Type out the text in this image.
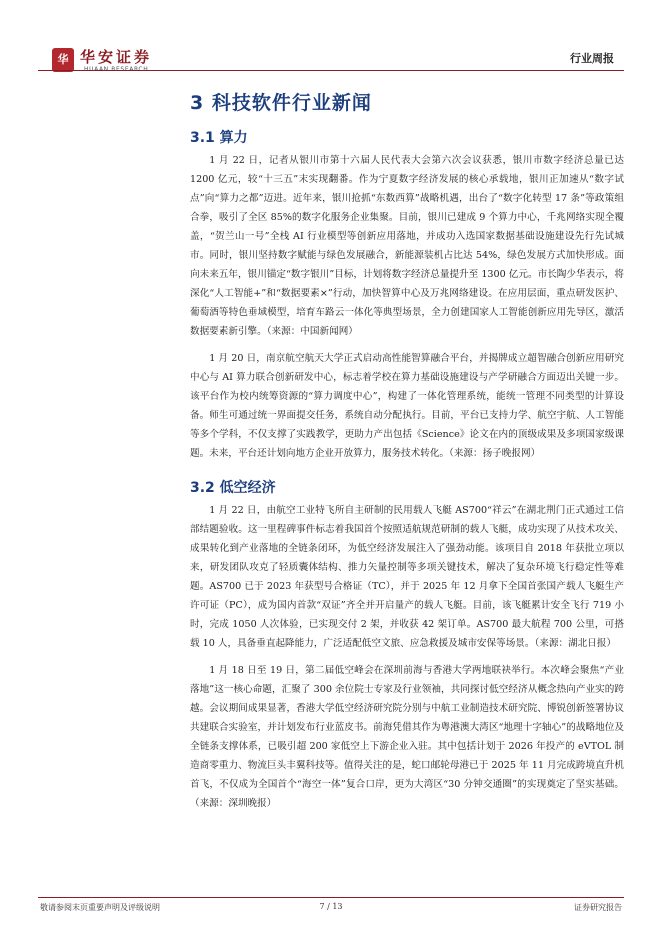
华 华安证券	行业周报
3 科技软件行业新闻
3.1 算力

1 月 22 日，记者从银川市第十六届人民代表大会第六次会议获悉，银川市数字经济总量已达 1200 亿元，较“十三五”末实现翻番。作为宁夏数字经济发展的核心承载地，银川正加速从“数字试点”向“算力之都”迈进。近年来，银川抢抓“东数西算”战略机遇，出台了“数字化转型 17 条”等政策组合拳，吸引了全区 85%的数字化服务企业集聚。目前，银川已建成 9 个算力中心，千兆网络实现全覆盖，“贺兰山一号”全栈 AI 行业模型等创新应用落地，并成功入选国家数据基础设施建设先行先试城市。同时，银川坚持数字赋能与绿色发展融合，新能源装机占比达 54%，绿色发展方式加快形成。面向未来五年，银川锚定“数字银川”目标，计划将数字经济总量提升至 1300 亿元。市长陶少华表示，将深化“人工智能+”和“数据要素×”行动，加快智算中心及万兆网络建设。在应用层面，重点研发医护、葡萄酒等特色垂域模型，培育车路云一体化等典型场景，全力创建国家人工智能创新应用先导区，激活数据要素新引擎。（来源：中国新闻网）

1 月 20 日，南京航空航天大学正式启动高性能智算融合平台，并揭牌成立超智融合创新应用研究中心与 AI 算力联合创新研发中心，标志着学校在算力基础设施建设与产学研融合方面迈出关键一步。该平台作为校内统筹资源的“算力调度中心”，构建了一体化管理系统，能统一管理不同类型的计算设备。师生可通过统一界面提交任务，系统自动分配执行。目前，平台已支持力学、航空宇航、人工智能等多个学科，不仅支撑了实践教学，更助力产出包括《Science》论文在内的顶级成果及多项国家级课题。未来，平台还计划向地方企业开放算力，服务技术转化。（来源：扬子晚报网）

3.2 低空经济

1 月 22 日，由航空工业特飞所自主研制的民用载人飞艇 AS700“祥云”在湖北荆门正式通过工信部结题验收。这一里程碑事件标志着我国首个按照适航规范研制的载人飞艇，成功实现了从技术攻关、成果转化到产业落地的全链条闭环，为低空经济发展注入了强劲动能。该项目自 2018 年获批立项以来，研发团队攻克了轻质囊体结构、推力矢量控制等多项关键技术，解决了复杂环境飞行稳定性等难题。AS700 已于 2023 年获型号合格证（TC），并于 2025 年 12 月拿下全国首张国产载人飞艇生产许可证（PC），成为国内首款“双证”齐全并开启量产的载人飞艇。目前，该飞艇累计安全飞行 719 小时，完成 1050 人次体验，已实现交付 2 架，并收获 42 架订单。AS700 最大航程 700 公里，可搭载 10 人，具备垂直起降能力，广泛适配低空文旅、应急救援及城市安保等场景。（来源：湖北日报）

1 月 18 日至 19 日，第二届低空峰会在深圳前海与香港大学两地联袂举行。本次峰会聚焦“产业落地”这一核心命题，汇聚了 300 余位院士专家及行业领袖，共同探讨低空经济从概念热向产业实的跨越。会议期间成果显著，香港大学低空经济研究院分别与中航工业制造技术研究院、博锐创新签署协议共建联合实验室，并计划发布行业蓝皮书。前海凭借其作为粤港澳大湾区“地理十字轴心”的战略地位及全链条支撑体系，已吸引超 200 家低空上下游企业入驻。其中包括计划于 2026 年投产的 eVTOL 制造商零重力、物流巨头丰翼科技等。值得关注的是，蛇口邮轮母港已于 2025 年 11 月完成跨境直升机首飞，不仅成为全国首个“海空一体”复合口岸，更为大湾区“30 分钟交通圈”的实现奠定了坚实基础。（来源：深圳晚报）

敬请参阅末页重要声明及评级说明	7 / 13	证券研究报告
